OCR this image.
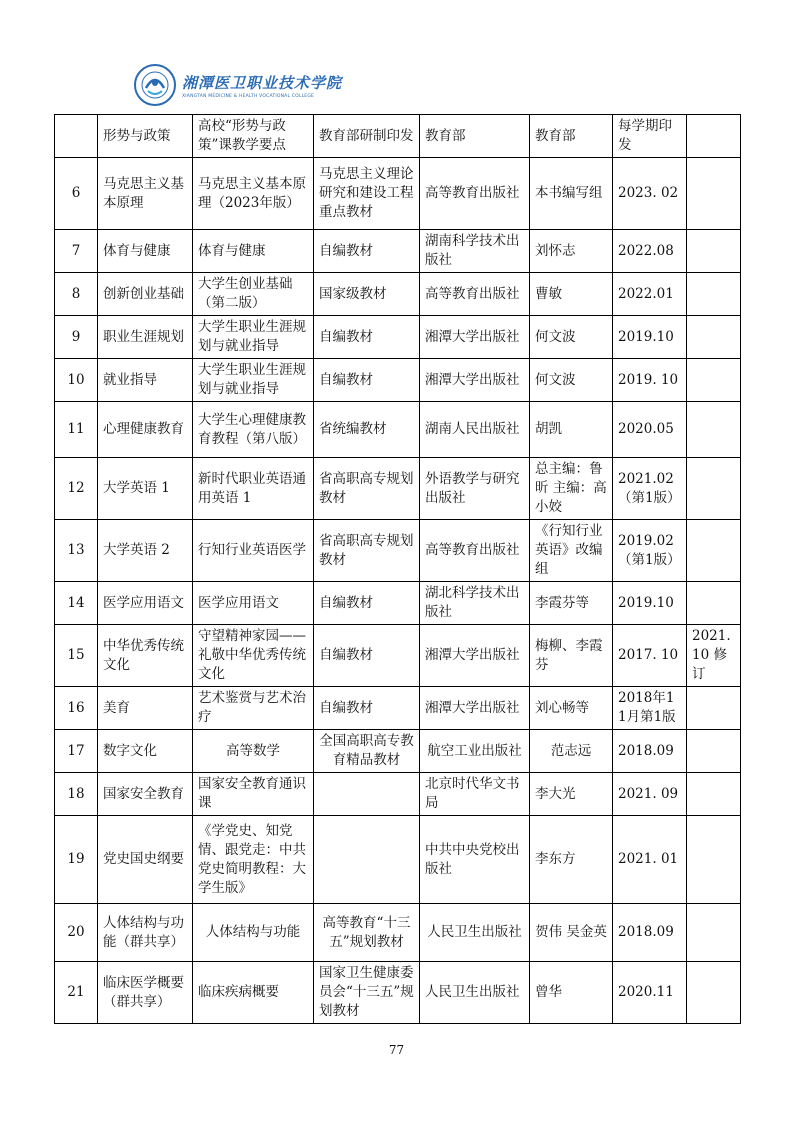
湘潭医卫职业技术学院
XIANGTAN MEDICINE & HEALTH VOCATIONAL COLLEGE
	形势与政策	高校“形势与政策”课教学要点	教育部研制印发	教育部	教育部	每学期印发	
6	马克思主义基本原理	马克思主义基本原理（2023年版）	马克思主义理论研究和建设工程重点教材	高等教育出版社	本书编写组	2023. 02	
7	体育与健康	体育与健康	自编教材	湖南科学技术出版社	刘怀志	2022.08	
8	创新创业基础	大学生创业基础（第二版）	国家级教材	高等教育出版社	曹敏	2022.01	
9	职业生涯规划	大学生职业生涯规划与就业指导	自编教材	湘潭大学出版社	何文波	2019.10	
10	就业指导	大学生职业生涯规划与就业指导	自编教材	湘潭大学出版社	何文波	2019. 10	
11	心理健康教育	大学生心理健康教育教程（第八版）	省统编教材	湖南人民出版社	胡凯	2020.05	
12	大学英语 1	新时代职业英语通用英语 1	省高职高专规划教材	外语教学与研究出版社	总主编：鲁昕 主编：高小姣	2021.02（第1版）	
13	大学英语 2	行知行业英语医学	省高职高专规划教材	高等教育出版社	《行知行业英语》改编组	2019.02（第1版）	
14	医学应用语文	医学应用语文	自编教材	湖北科学技术出版社	李霞芬等	2019.10	
15	中华优秀传统文化	守望精神家园——礼敬中华优秀传统文化	自编教材	湘潭大学出版社	梅柳、李霞芬	2017. 10	2021. 10 修订
16	美育	艺术鉴赏与艺术治疗	自编教材	湘潭大学出版社	刘心畅等	2018年11月第1版	
17	数字文化	高等数学	全国高职高专教育精品教材	航空工业出版社	范志远	2018.09	
18	国家安全教育	国家安全教育通识课		北京时代华文书局	李大光	2021. 09	
19	党史国史纲要	《学党史、知党情、跟党走：中共党史简明教程：大学生版》		中共中央党校出版社	李东方	2021. 01	
20	人体结构与功能（群共享）	人体结构与功能	高等教育“十三五”规划教材	人民卫生出版社	贺伟 吴金英	2018.09	
21	临床医学概要（群共享）	临床疾病概要	国家卫生健康委员会“十三五”规划教材	人民卫生出版社	曾华	2020.11	
77
